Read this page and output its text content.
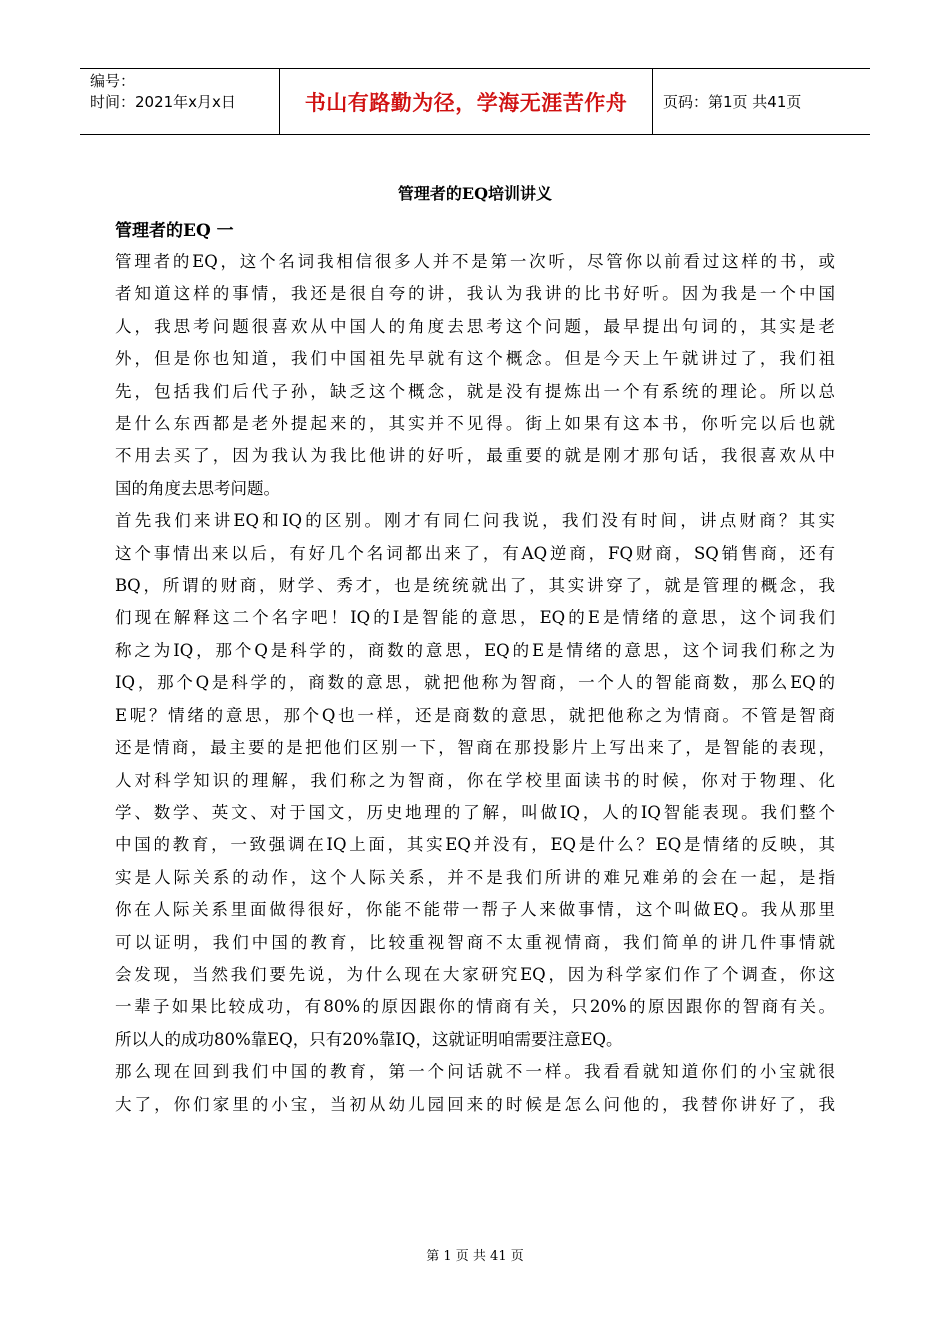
编号：
时间：2021年x月x日	书山有路勤为径，学海无涯苦作舟 页码：第1页 共41页
管理者的EQ培训讲义
管理者的EQ 一

管理者的EQ，这个名词我相信很多人并不是第一次听，尽管你以前看过这样的书，或
者知道这样的事情，我还是很自夸的讲，我认为我讲的比书好听。因为我是一个中国
人，我思考问题很喜欢从中国人的角度去思考这个问题，最早提出句词的，其实是老
外，但是你也知道，我们中国祖先早就有这个概念。但是今天上午就讲过了，我们祖
先，包括我们后代子孙，缺乏这个概念，就是没有提炼出一个有系统的理论。所以总
是什么东西都是老外提起来的，其实并不见得。街上如果有这本书，你听完以后也就
不用去买了，因为我认为我比他讲的好听，最重要的就是刚才那句话，我很喜欢从中
国的角度去思考问题。

首先我们来讲EQ和IQ的区别。刚才有同仁问我说，我们没有时间，讲点财商？其实
这个事情出来以后，有好几个名词都出来了，有AQ逆商，FQ财商，SQ销售商，还有
BQ，所谓的财商，财学、秀才，也是统统就出了，其实讲穿了，就是管理的概念，我
们现在解释这二个名字吧！IQ的I是智能的意思，EQ的E是情绪的意思，这个词我们
称之为IQ，那个Q是科学的，商数的意思，EQ的E是情绪的意思，这个词我们称之为
IQ，那个Q是科学的，商数的意思，就把他称为智商，一个人的智能商数，那么EQ的
E呢？情绪的意思，那个Q也一样，还是商数的意思，就把他称之为情商。不管是智商
还是情商，最主要的是把他们区别一下，智商在那投影片上写出来了，是智能的表现，
人对科学知识的理解，我们称之为智商，你在学校里面读书的时候，你对于物理、化
学、数学、英文、对于国文，历史地理的了解，叫做IQ，人的IQ智能表现。我们整个
中国的教育，一致强调在IQ上面，其实EQ并没有，EQ是什么？EQ是情绪的反映，其
实是人际关系的动作，这个人际关系，并不是我们所讲的难兄难弟的会在一起，是指
你在人际关系里面做得很好，你能不能带一帮子人来做事情，这个叫做EQ。我从那里
可以证明，我们中国的教育，比较重视智商不太重视情商，我们简单的讲几件事情就
会发现，当然我们要先说，为什么现在大家研究EQ，因为科学家们作了个调查，你这
一辈子如果比较成功，有80%的原因跟你的情商有关，只20%的原因跟你的智商有关。
所以人的成功80%靠EQ，只有20%靠IQ，这就证明咱需要注意EQ。

那么现在回到我们中国的教育，第一个问话就不一样。我看看就知道你们的小宝就很
大了，你们家里的小宝，当初从幼儿园回来的时候是怎么问他的，我替你讲好了，我

第 1 页 共 41 页
